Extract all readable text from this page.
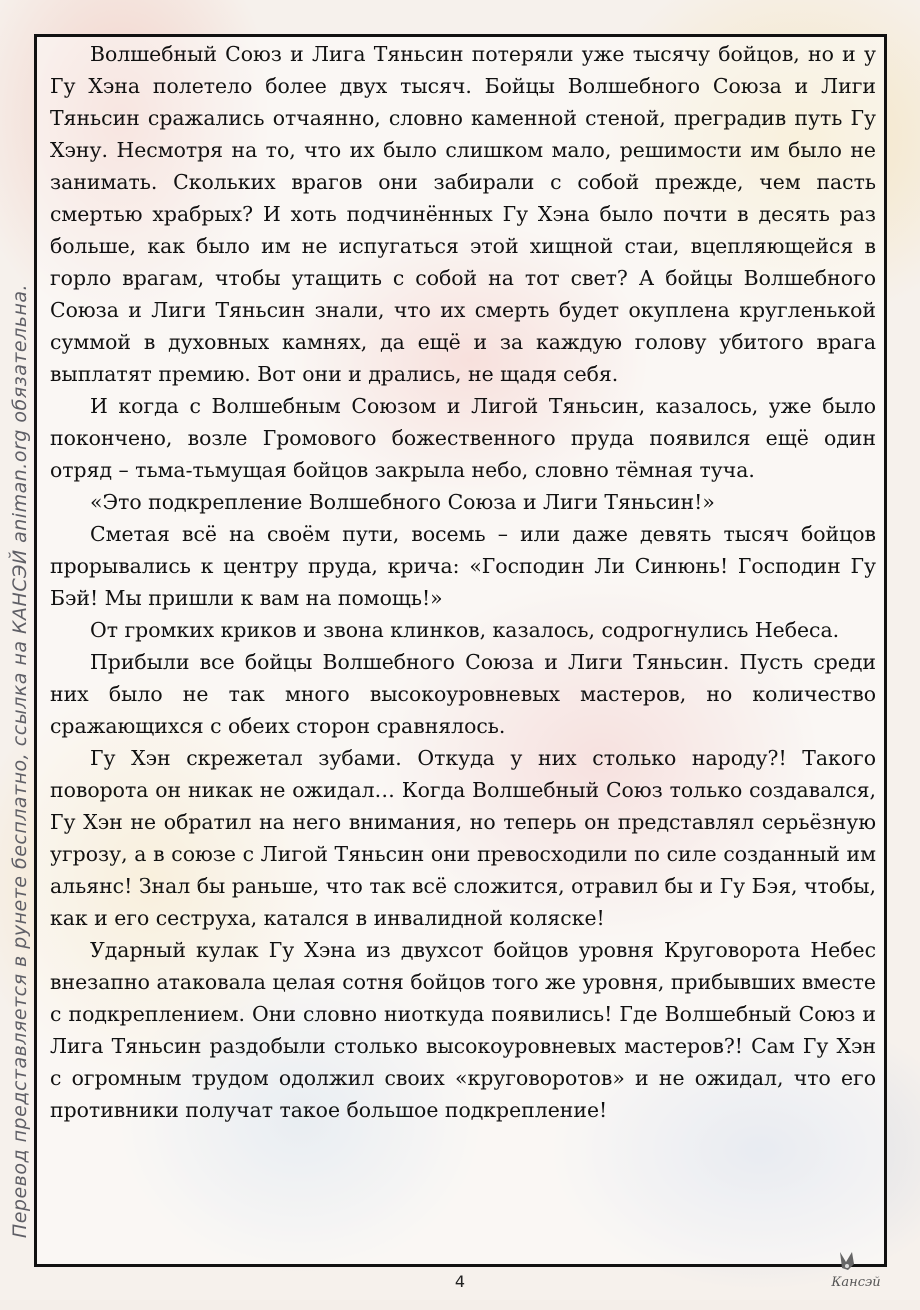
Перевод представляется в рунете бесплатно, ссылка на КАНСЭЙ animan.org обязательна.

Волшебный Союз и Лига Тяньсин потеряли уже тысячу бойцов, но и у Гу Хэна полетело более двух тысяч. Бойцы Волшебного Союза и Лиги Тяньсин сражались отчаянно, словно каменной стеной, преградив путь Гу Хэну. Несмотря на то, что их было слишком мало, решимости им было не занимать. Скольких врагов они забирали с собой прежде, чем пасть смертью храбрых? И хоть подчинённых Гу Хэна было почти в десять раз больше, как было им не испугаться этой хищной стаи, вцепляющейся в горло врагам, чтобы утащить с собой на тот свет? А бойцы Волшебного Союза и Лиги Тяньсин знали, что их смерть будет окуплена кругленькой суммой в духовных камнях, да ещё и за каждую голову убитого врага выплатят премию. Вот они и дрались, не щадя себя.

И когда с Волшебным Союзом и Лигой Тяньсин, казалось, уже было покончено, возле Громового божественного пруда появился ещё один отряд – тьма-тьмущая бойцов закрыла небо, словно тёмная туча.

«Это подкрепление Волшебного Союза и Лиги Тяньсин!»

Сметая всё на своём пути, восемь – или даже девять тысяч бойцов прорывались к центру пруда, крича: «Господин Ли Синюнь! Господин Гу Бэй! Мы пришли к вам на помощь!»

От громких криков и звона клинков, казалось, содрогнулись Небеса.

Прибыли все бойцы Волшебного Союза и Лиги Тяньсин. Пусть среди них было не так много высокоуровневых мастеров, но количество сражающихся с обеих сторон сравнялось.

Гу Хэн скрежетал зубами. Откуда у них столько народу?! Такого поворота он никак не ожидал… Когда Волшебный Союз только создавался, Гу Хэн не обратил на него внимания, но теперь он представлял серьёзную угрозу, а в союзе с Лигой Тяньсин они превосходили по силе созданный им альянс! Знал бы раньше, что так всё сложится, отравил бы и Гу Бэя, чтобы, как и его сеструха, катался в инвалидной коляске!

Ударный кулак Гу Хэна из двухсот бойцов уровня Круговорота Небес внезапно атаковала целая сотня бойцов того же уровня, прибывших вместе с подкреплением. Они словно ниоткуда появились! Где Волшебный Союз и Лига Тяньсин раздобыли столько высокоуровневых мастеров?! Сам Гу Хэн с огромным трудом одолжил своих «круговоротов» и не ожидал, что его противники получат такое большое подкрепление!

4	Кансэй
